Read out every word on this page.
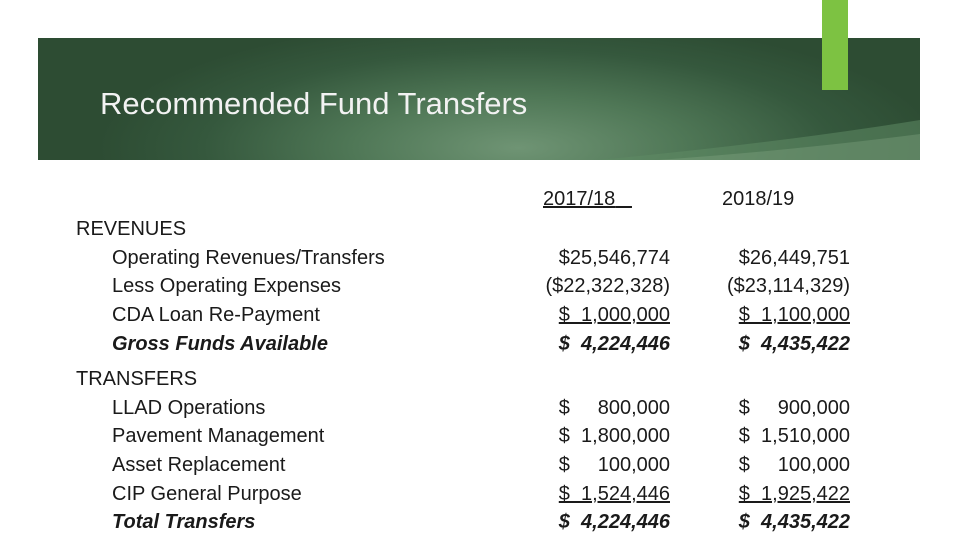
Recommended Fund Transfers
2017/18	2018/19
REVENUES
Operating Revenues/Transfers	$25,546,774	$26,449,751
Less Operating Expenses	($22,322,328)	($23,114,329)
CDA Loan Re-Payment	$  1,000,000	$  1,100,000
Gross Funds Available	$  4,224,446	$  4,435,422
TRANSFERS
LLAD Operations	$     800,000	$     900,000
Pavement Management	$  1,800,000	$  1,510,000
Asset Replacement	$     100,000	$     100,000
CIP General Purpose	$  1,524,446	$  1,925,422
Total Transfers	$  4,224,446	$  4,435,422
